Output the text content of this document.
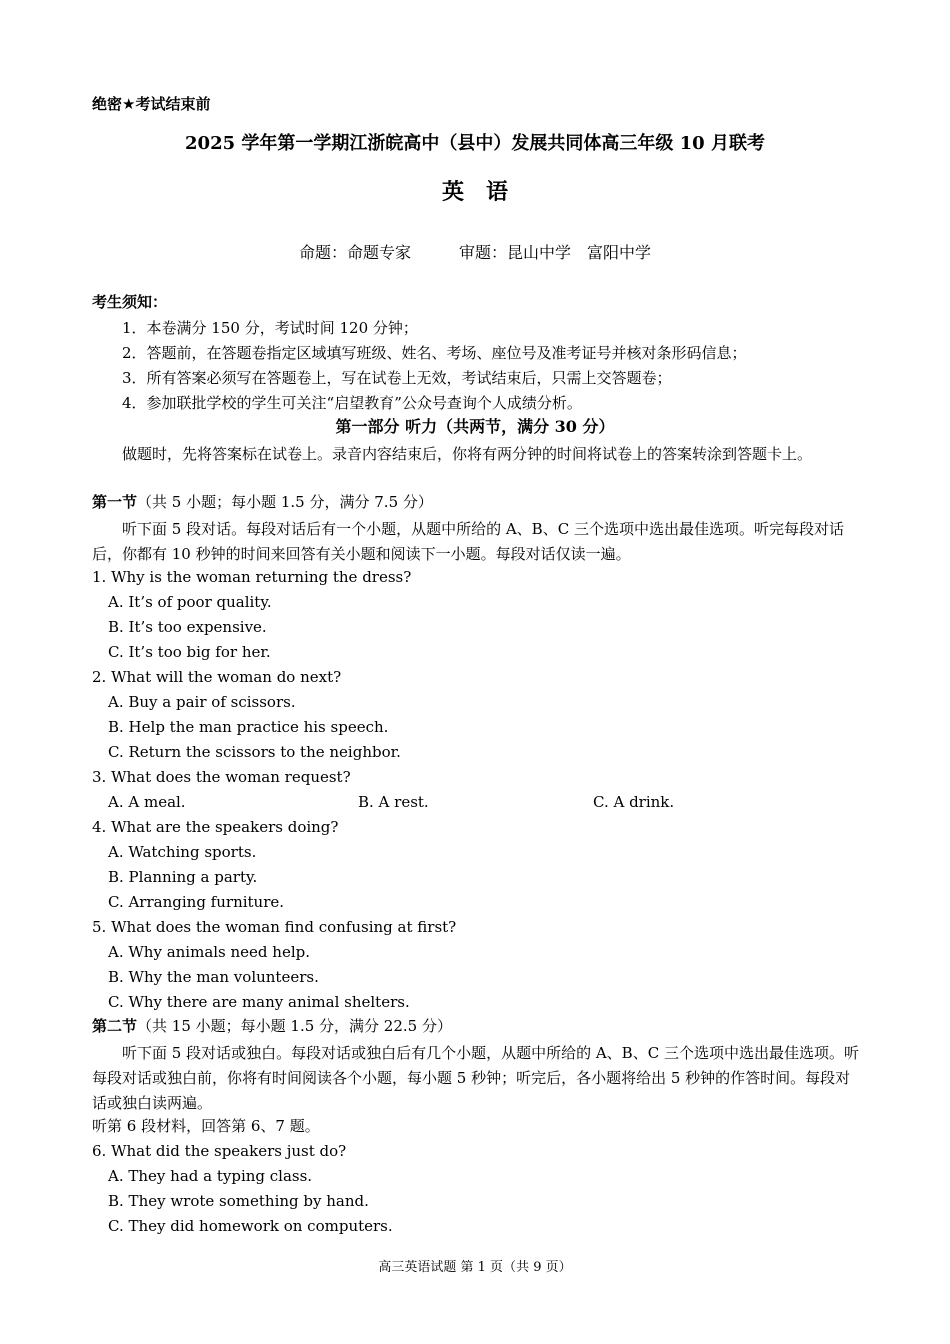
绝密★考试结束前
2025 学年第一学期江浙皖高中（县中）发展共同体高三年级 10 月联考
英　语
命题：命题专家　　　审题：昆山中学　富阳中学
考生须知：
1．本卷满分 150 分，考试时间 120 分钟；
2．答题前，在答题卷指定区域填写班级、姓名、考场、座位号及准考证号并核对条形码信息；
3．所有答案必须写在答题卷上，写在试卷上无效，考试结束后，只需上交答题卷；
4．参加联批学校的学生可关注“启望教育”公众号查询个人成绩分析。
第一部分 听力（共两节，满分 30 分）
做题时，先将答案标在试卷上。录音内容结束后，你将有两分钟的时间将试卷上的答案转涂到答题卡上。
第一节（共 5 小题；每小题 1.5 分，满分 7.5 分）
听下面 5 段对话。每段对话后有一个小题，从题中所给的 A、B、C 三个选项中选出最佳选项。听完每段对话后，你都有 10 秒钟的时间来回答有关小题和阅读下一小题。每段对话仅读一遍。
1. Why is the woman returning the dress?
A. It’s of poor quality.
B. It’s too expensive.
C. It’s too big for her.
2. What will the woman do next?
A. Buy a pair of scissors.
B. Help the man practice his speech.
C. Return the scissors to the neighbor.
3. What does the woman request?
A. A meal.	B. A rest.	C. A drink.
4. What are the speakers doing?
A. Watching sports.
B. Planning a party.
C. Arranging furniture.
5. What does the woman find confusing at first?
A. Why animals need help.
B. Why the man volunteers.
C. Why there are many animal shelters.
第二节（共 15 小题；每小题 1.5 分，满分 22.5 分）
听下面 5 段对话或独白。每段对话或独白后有几个小题，从题中所给的 A、B、C 三个选项中选出最佳选项。听每段对话或独白前，你将有时间阅读各个小题，每小题 5 秒钟；听完后，各小题将给出 5 秒钟的作答时间。每段对话或独白读两遍。
听第 6 段材料，回答第 6、7 题。
6. What did the speakers just do?
A. They had a typing class.
B. They wrote something by hand.
C. They did homework on computers.
高三英语试题 第 1 页（共 9 页）
